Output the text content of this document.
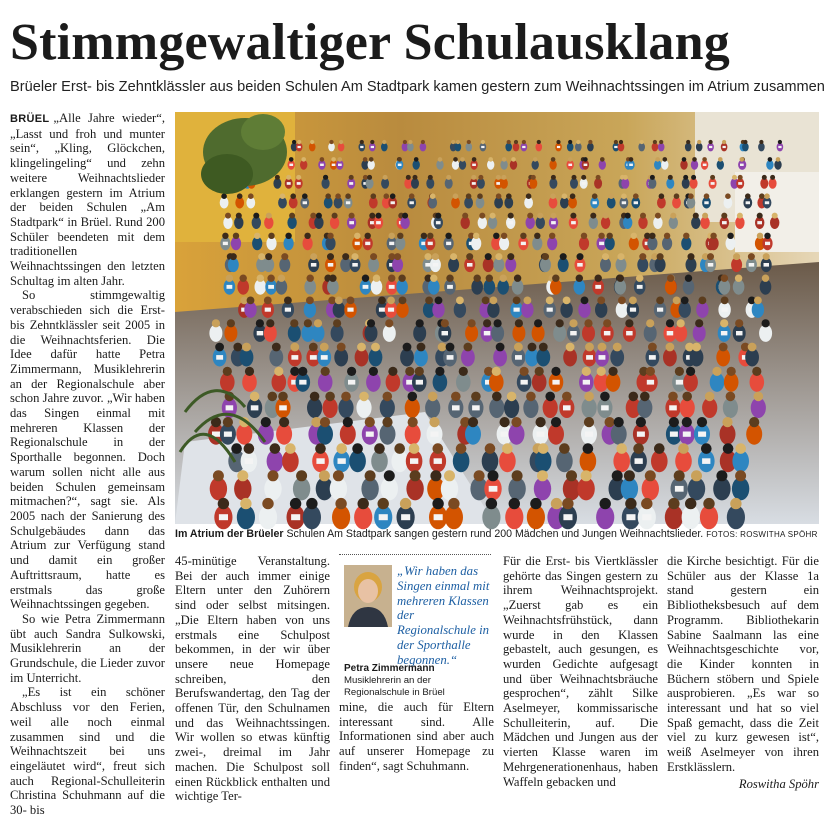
Stimmgewaltiger Schulausklang
Brüeler Erst- bis Zehntklässler aus beiden Schulen Am Stadtpark kamen gestern zum Weihnachtssingen im Atrium zusammen

BRÜEL „Alle Jahre wieder“, „Lasst und froh und munter sein“, „Kling, Glöckchen, klingelingeling“ und zehn weitere Weihnachtslieder erklangen gestern im Atrium der beiden Schulen „Am Stadtpark“ in Brüel. Rund 200 Schüler beendeten mit dem traditionellen Weihnachtssingen den letzten Schultag im alten Jahr.

So stimmgewaltig verabschieden sich die Erst- bis Zehntklässler seit 2005 in die Weihnachtsferien. Die Idee dafür hatte Petra Zimmermann, Musiklehrerin an der Regionalschule aber schon Jahre zuvor. „Wir haben das Singen einmal mit mehreren Klassen der Regionalschule in der Sporthalle begonnen. Doch warum sollen nicht alle aus beiden Schulen gemeinsam mitmachen?“, sagt sie. Als 2005 nach der Sanierung des Schulgebäudes dann das Atrium zur Verfügung stand und damit ein großer Auftrittsraum, hatte es erstmals das große Weihnachtssingen gegeben.

So wie Petra Zimmermann übt auch Sandra Sulkowski, Musiklehrerin an der Grundschule, die Lieder zuvor im Unterricht.

„Es ist ein schöner Abschluss vor den Ferien, weil alle noch einmal zusammen sind und die Weihnachtszeit bei uns eingeläutet wird“, freut sich auch Regional-Schulleiterin Christina Schuhmann auf die 30- bis

Im Atrium der Brüeler Schulen Am Stadtpark sangen gestern rund 200 Mädchen und Jungen Weihnachtslieder. FOTOS: ROSWITHA SPÖHR

45-minütige Veranstaltung. Bei der auch immer einige Eltern unter den Zuhörern sind oder selbst mitsingen. „Die Eltern haben von uns erstmals eine Schulpost bekommen, in der wir über unsere neue Homepage schreiben, den Berufswandertag, den Tag der offenen Tür, den Schulnamen und das Weihnachtssingen. Wir wollen so etwas künftig zwei-, dreimal im Jahr machen. Die Schulpost soll einen Rückblick enthalten und wichtige Ter-

„Wir haben das Singen einmal mit mehreren Klassen der Regionalschule in der Sporthalle begonnen.“
Petra Zimmermann
Musiklehrerin an der Regionalschule in Brüel

mine, die auch für Eltern interessant sind. Alle Informationen sind aber auch auf unserer Homepage zu finden“, sagt Schuhmann.

Für die Erst- bis Viertklässler gehörte das Singen gestern zu ihrem Weihnachtsprojekt. „Zuerst gab es ein Weihnachtsfrühstück, dann wurde in den Klassen gebastelt, auch gesungen, es wurden Gedichte aufgesagt und über Weihnachtsbräuche gesprochen“, zählt Silke Aselmeyer, kommissarische Schulleiterin, auf. Die Mädchen und Jungen aus der vierten Klasse waren im Mehrgenerationenhaus, haben Waffeln gebacken und

die Kirche besichtigt. Für die Schüler aus der Klasse 1a stand gestern ein Bibliotheksbesuch auf dem Programm. Bibliothekarin Sabine Saalmann las eine Weihnachtsgeschichte vor, die Kinder konnten in Büchern stöbern und Spiele ausprobieren. „Es war so interessant und hat so viel Spaß gemacht, dass die Zeit viel zu kurz gewesen ist“, weiß Aselmeyer von ihren Erstklässlern.

Roswitha Spöhr
